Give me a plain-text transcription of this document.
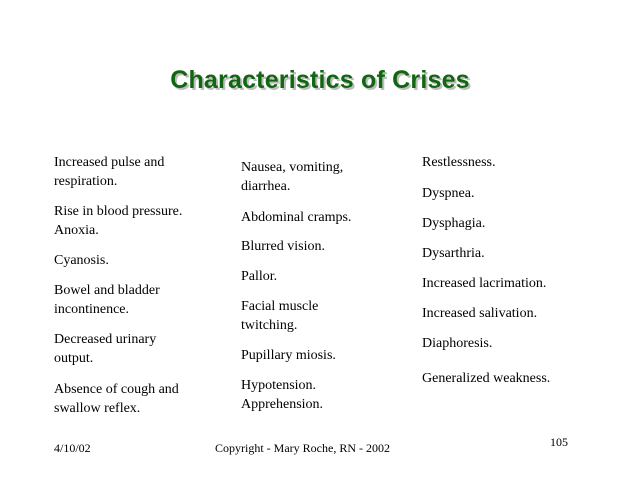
Characteristics of Crises
Increased pulse and
respiration.
Rise in blood pressure.
Anoxia.
Cyanosis.
Bowel and bladder
incontinence.
Decreased urinary
output.
Absence of cough and
swallow reflex.
Nausea, vomiting,
diarrhea.
Abdominal cramps.
Blurred vision.
Pallor.
Facial muscle
twitching.
Pupillary miosis.
Hypotension.
Apprehension.
Restlessness.
Dyspnea.
Dysphagia.
Dysarthria.
Increased lacrimation.
Increased salivation.
Diaphoresis.
Generalized weakness.
4/10/02	Copyright - Mary Roche, RN - 2002	105
